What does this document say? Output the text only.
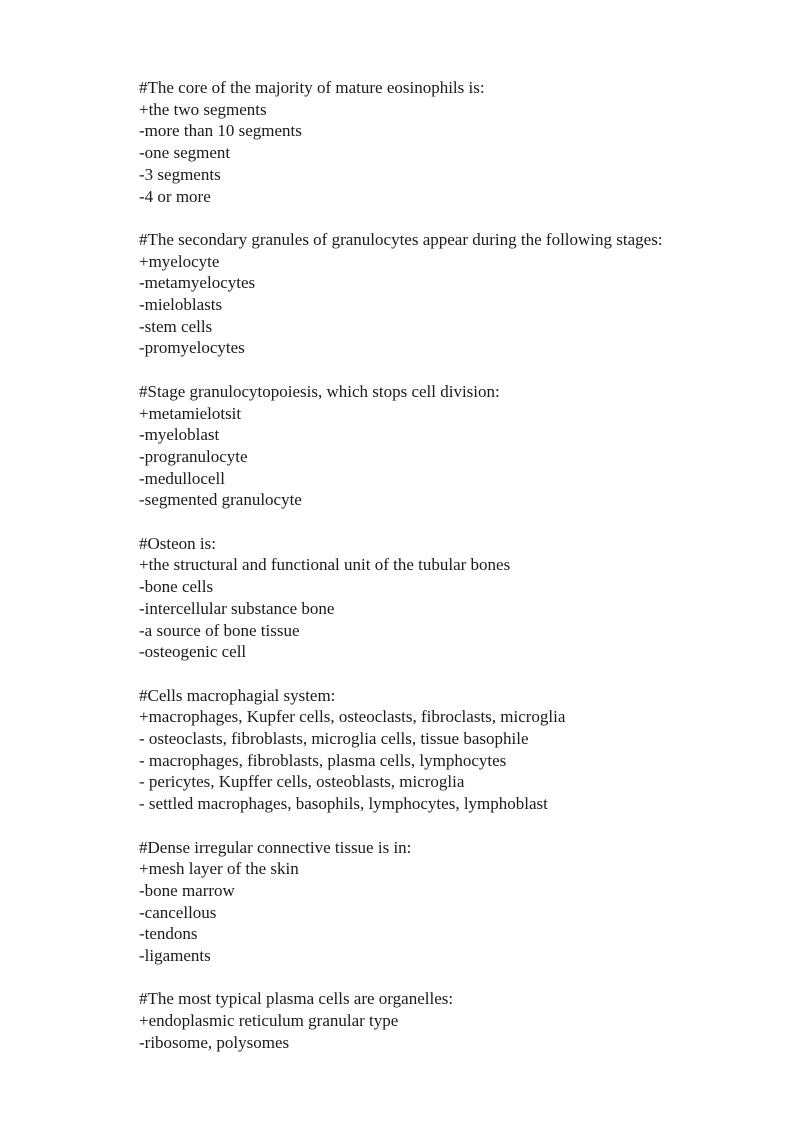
#The core of the majority of mature eosinophils is:
+the two segments
-more than 10 segments
-one segment
-3 segments
-4 or more
#The secondary granules of granulocytes appear during the following stages:
+myelocyte
-metamyelocytes
-mieloblasts
-stem cells
-promyelocytes
#Stage granulocytopoiesis, which stops cell division:
+metamielotsit
-myeloblast
-progranulocyte
-medullocell
-segmented granulocyte
#Osteon is:
+the structural and functional unit of the tubular bones
-bone cells
-intercellular substance bone
-a source of bone tissue
-osteogenic cell
#Cells macrophagial system:
+macrophages, Kupfer cells, osteoclasts, fibroclasts, microglia
- osteoclasts, fibroblasts, microglia cells, tissue basophile
- macrophages, fibroblasts, plasma cells, lymphocytes
- pericytes, Kupffer cells, osteoblasts, microglia
- settled macrophages, basophils, lymphocytes, lymphoblast
#Dense irregular connective tissue is in:
+mesh layer of the skin
-bone marrow
-cancellous
-tendons
-ligaments
#The most typical plasma cells are organelles:
+endoplasmic reticulum granular type
-ribosome, polysomes
